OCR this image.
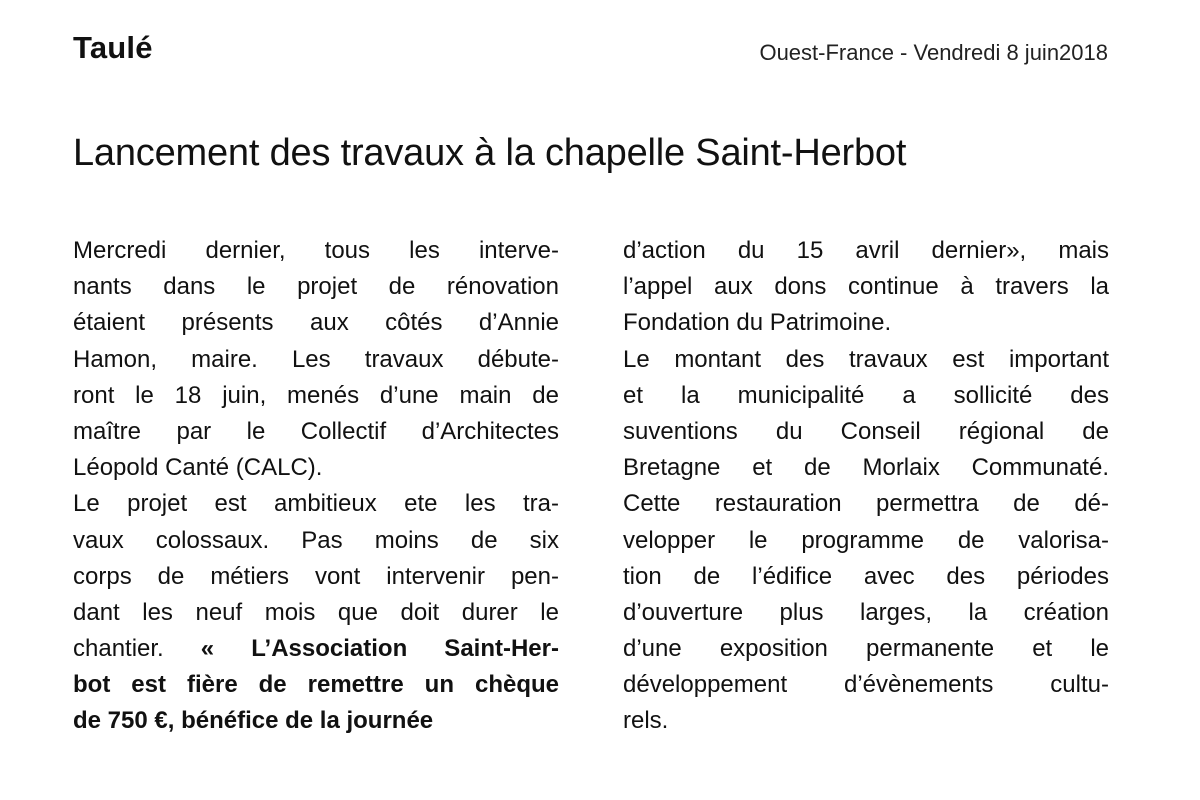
Taulé	Ouest-France - Vendredi 8 juin2018
Lancement des travaux à la chapelle Saint-Herbot
Mercredi dernier, tous les interve-
nants dans le projet de rénovation
étaient présents aux côtés d’Annie
Hamon, maire. Les travaux débute-
ront le 18 juin, menés d’une main de
maître par le Collectif d’Architectes
Léopold Canté (CALC).
Le projet est ambitieux ete les tra-
vaux colossaux. Pas moins de six
corps de métiers vont intervenir pen-
dant les neuf mois que doit durer le
chantier. « L’Association Saint-Her-
bot est fière de remettre un chèque
de 750 €, bénéfice de la journée
d’action du 15 avril dernier», mais
l’appel aux dons continue à travers la
Fondation du Patrimoine.
Le montant des travaux est important
et la municipalité a sollicité des
suventions du Conseil régional de
Bretagne et de Morlaix Communaté.
Cette restauration permettra de dé-
velopper le programme de valorisa-
tion de l’édifice avec des périodes
d’ouverture plus larges, la création
d’une exposition permanente et le
développement d’évènements cultu-
rels.
